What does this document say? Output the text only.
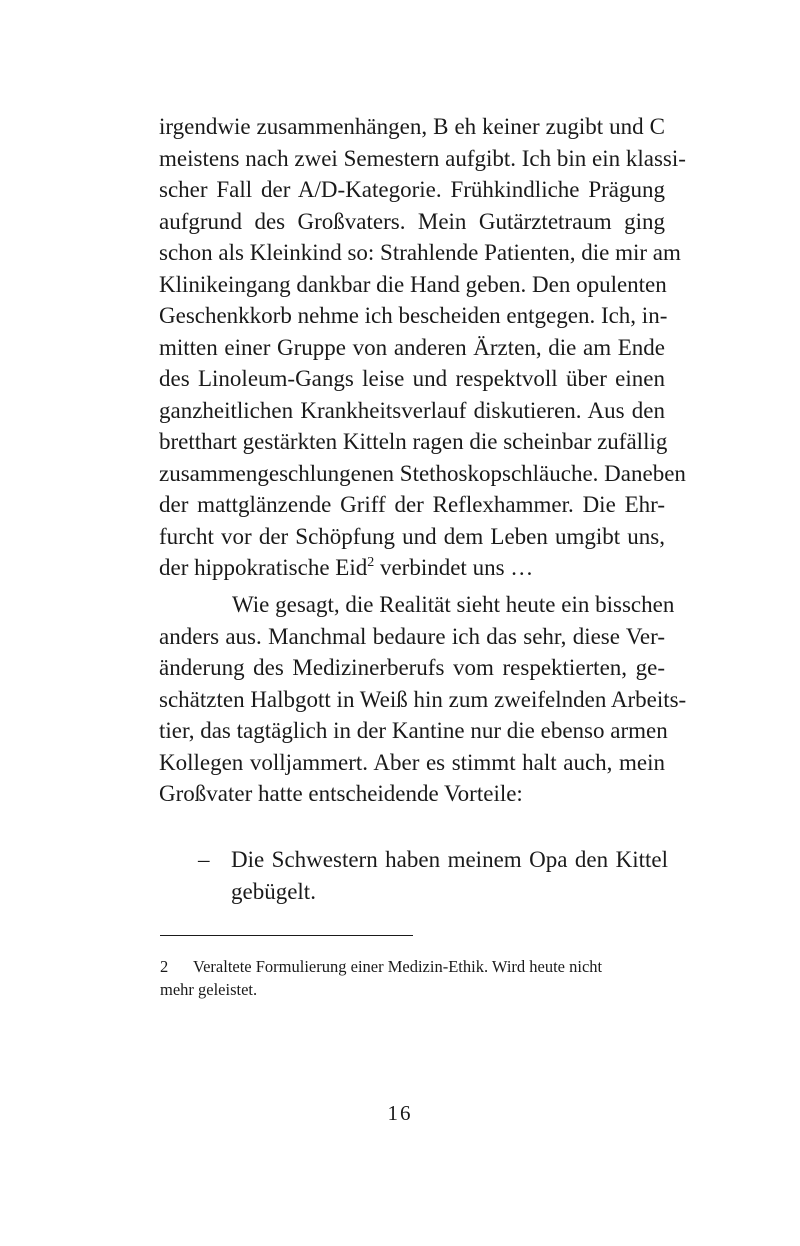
irgendwie zusammenhängen, B eh keiner zugibt und C
meistens nach zwei Semestern aufgibt. Ich bin ein klassi-
scher Fall der A/D-Kategorie. Frühkindliche Prägung
aufgrund des Großvaters. Mein Gutärztetraum ging
schon als Kleinkind so: Strahlende Patienten, die mir am
Klinikeingang dankbar die Hand geben. Den opulenten
Geschenkkorb nehme ich bescheiden entgegen. Ich, in-
mitten einer Gruppe von anderen Ärzten, die am Ende
des Linoleum-Gangs leise und respektvoll über einen
ganzheitlichen Krankheitsverlauf diskutieren. Aus den
bretthart gestärkten Kitteln ragen die scheinbar zufällig
zusammengeschlungenen Stethoskopschläuche. Daneben
der mattglänzende Griff der Reflexhammer. Die Ehr-
furcht vor der Schöpfung und dem Leben umgibt uns,
der hippokratische Eid$^2$ verbindet uns …
Wie gesagt, die Realität sieht heute ein bisschen
anders aus. Manchmal bedaure ich das sehr, diese Ver-
änderung des Medizinerberufs vom respektierten, ge-
schätzten Halbgott in Weiß hin zum zweifelnden Arbeits-
tier, das tagtäglich in der Kantine nur die ebenso armen
Kollegen volljammert. Aber es stimmt halt auch, mein
Großvater hatte entscheidende Vorteile:
– Die Schwestern haben meinem Opa den Kittel
gebügelt.
2 Veraltete Formulierung einer Medizin-Ethik. Wird heute nicht
mehr geleistet.
16
